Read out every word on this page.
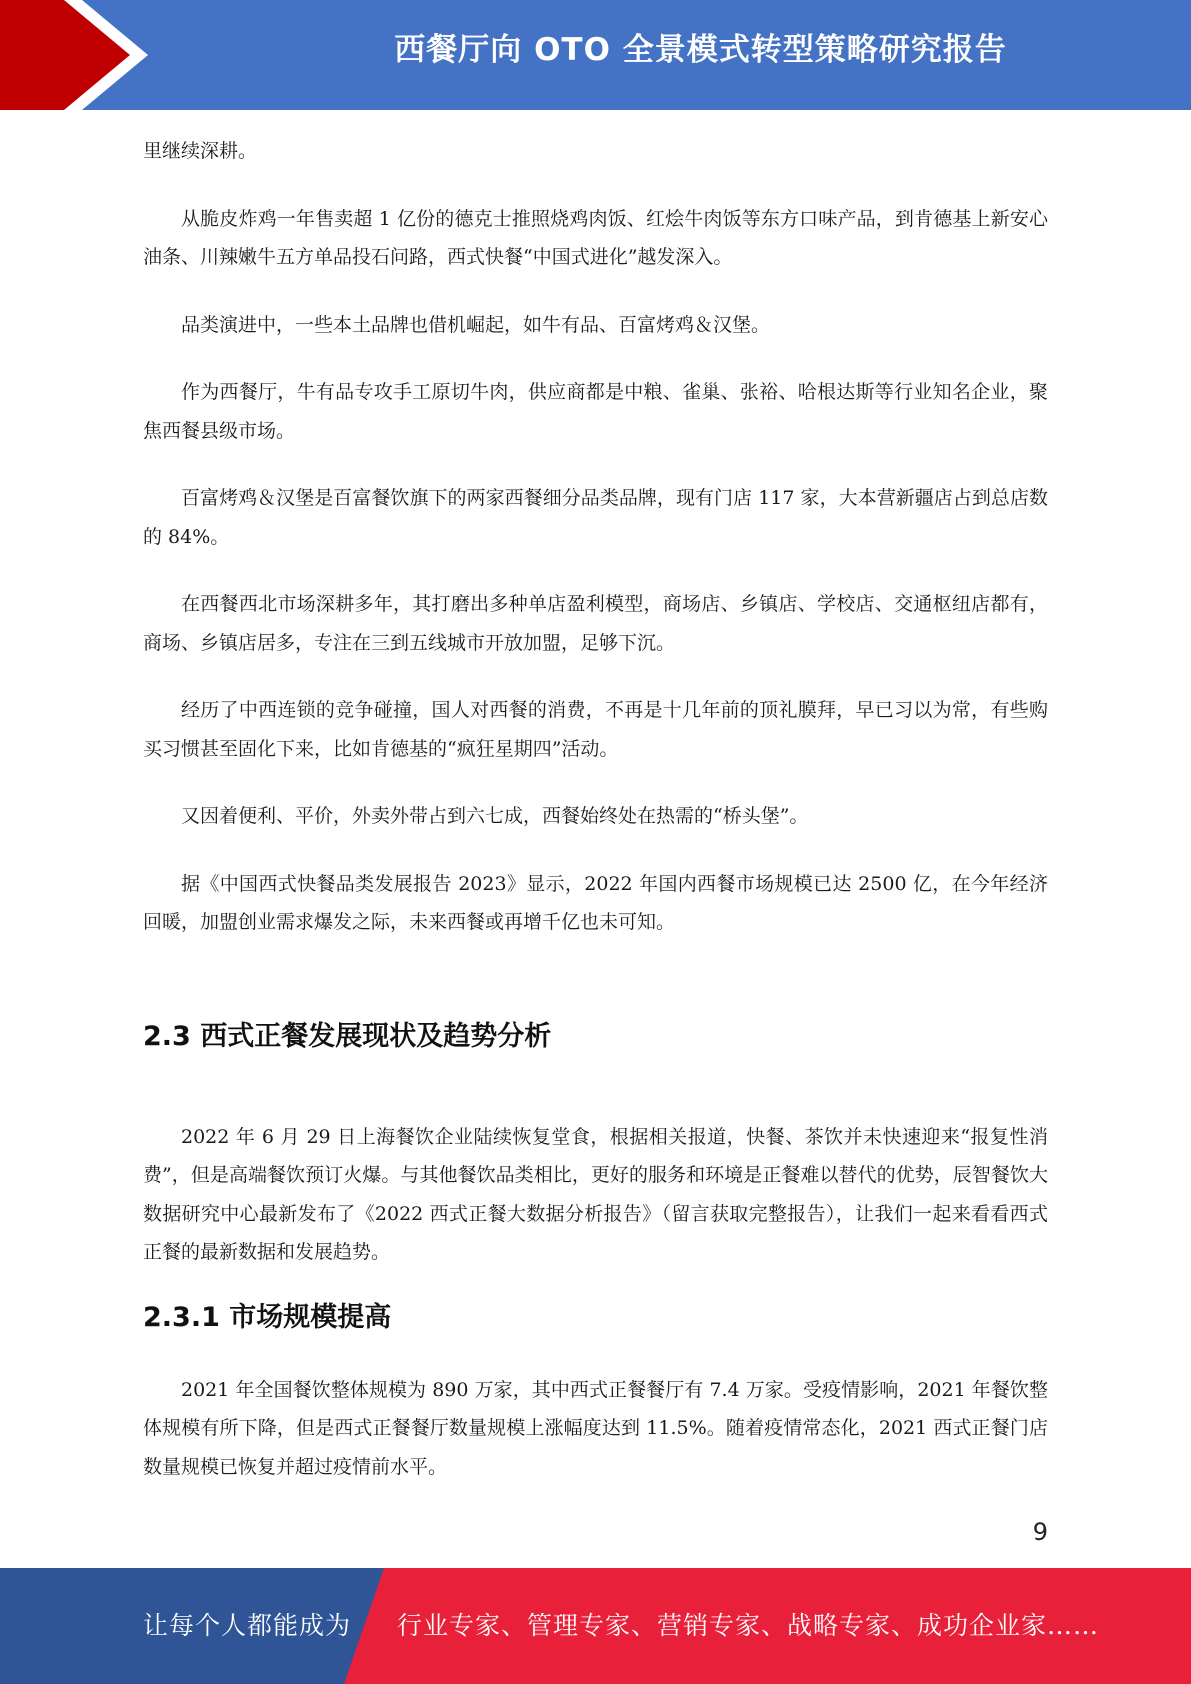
西餐厅向 OTO 全景模式转型策略研究报告

里继续深耕。

从脆皮炸鸡一年售卖超 1 亿份的德克士推照烧鸡肉饭、红烩牛肉饭等东方口味产品，到肯德基上新安心油条、川辣嫩牛五方单品投石问路，西式快餐“中国式进化”越发深入。

品类演进中，一些本土品牌也借机崛起，如牛有品、百富烤鸡＆汉堡。

作为西餐厅，牛有品专攻手工原切牛肉，供应商都是中粮、雀巢、张裕、哈根达斯等行业知名企业，聚焦西餐县级市场。

百富烤鸡＆汉堡是百富餐饮旗下的两家西餐细分品类品牌，现有门店 117 家，大本营新疆店占到总店数的 84%。

在西餐西北市场深耕多年，其打磨出多种单店盈利模型，商场店、乡镇店、学校店、交通枢纽店都有，商场、乡镇店居多，专注在三到五线城市开放加盟，足够下沉。

经历了中西连锁的竞争碰撞，国人对西餐的消费，不再是十几年前的顶礼膜拜，早已习以为常，有些购买习惯甚至固化下来，比如肯德基的“疯狂星期四”活动。

又因着便利、平价，外卖外带占到六七成，西餐始终处在热需的“桥头堡”。

据《中国西式快餐品类发展报告 2023》显示，2022 年国内西餐市场规模已达 2500 亿，在今年经济回暖，加盟创业需求爆发之际，未来西餐或再增千亿也未可知。

2.3 西式正餐发展现状及趋势分析

2022 年 6 月 29 日上海餐饮企业陆续恢复堂食，根据相关报道，快餐、茶饮并未快速迎来“报复性消费”，但是高端餐饮预订火爆。与其他餐饮品类相比，更好的服务和环境是正餐难以替代的优势，辰智餐饮大数据研究中心最新发布了《2022 西式正餐大数据分析报告》（留言获取完整报告），让我们一起来看看西式正餐的最新数据和发展趋势。

2.3.1 市场规模提高

2021 年全国餐饮整体规模为 890 万家，其中西式正餐餐厅有 7.4 万家。受疫情影响，2021 年餐饮整体规模有所下降，但是西式正餐餐厅数量规模上涨幅度达到 11.5%。随着疫情常态化，2021 西式正餐门店数量规模已恢复并超过疫情前水平。

9
让每个人都能成为 行业专家、管理专家、营销专家、战略专家、成功企业家……
